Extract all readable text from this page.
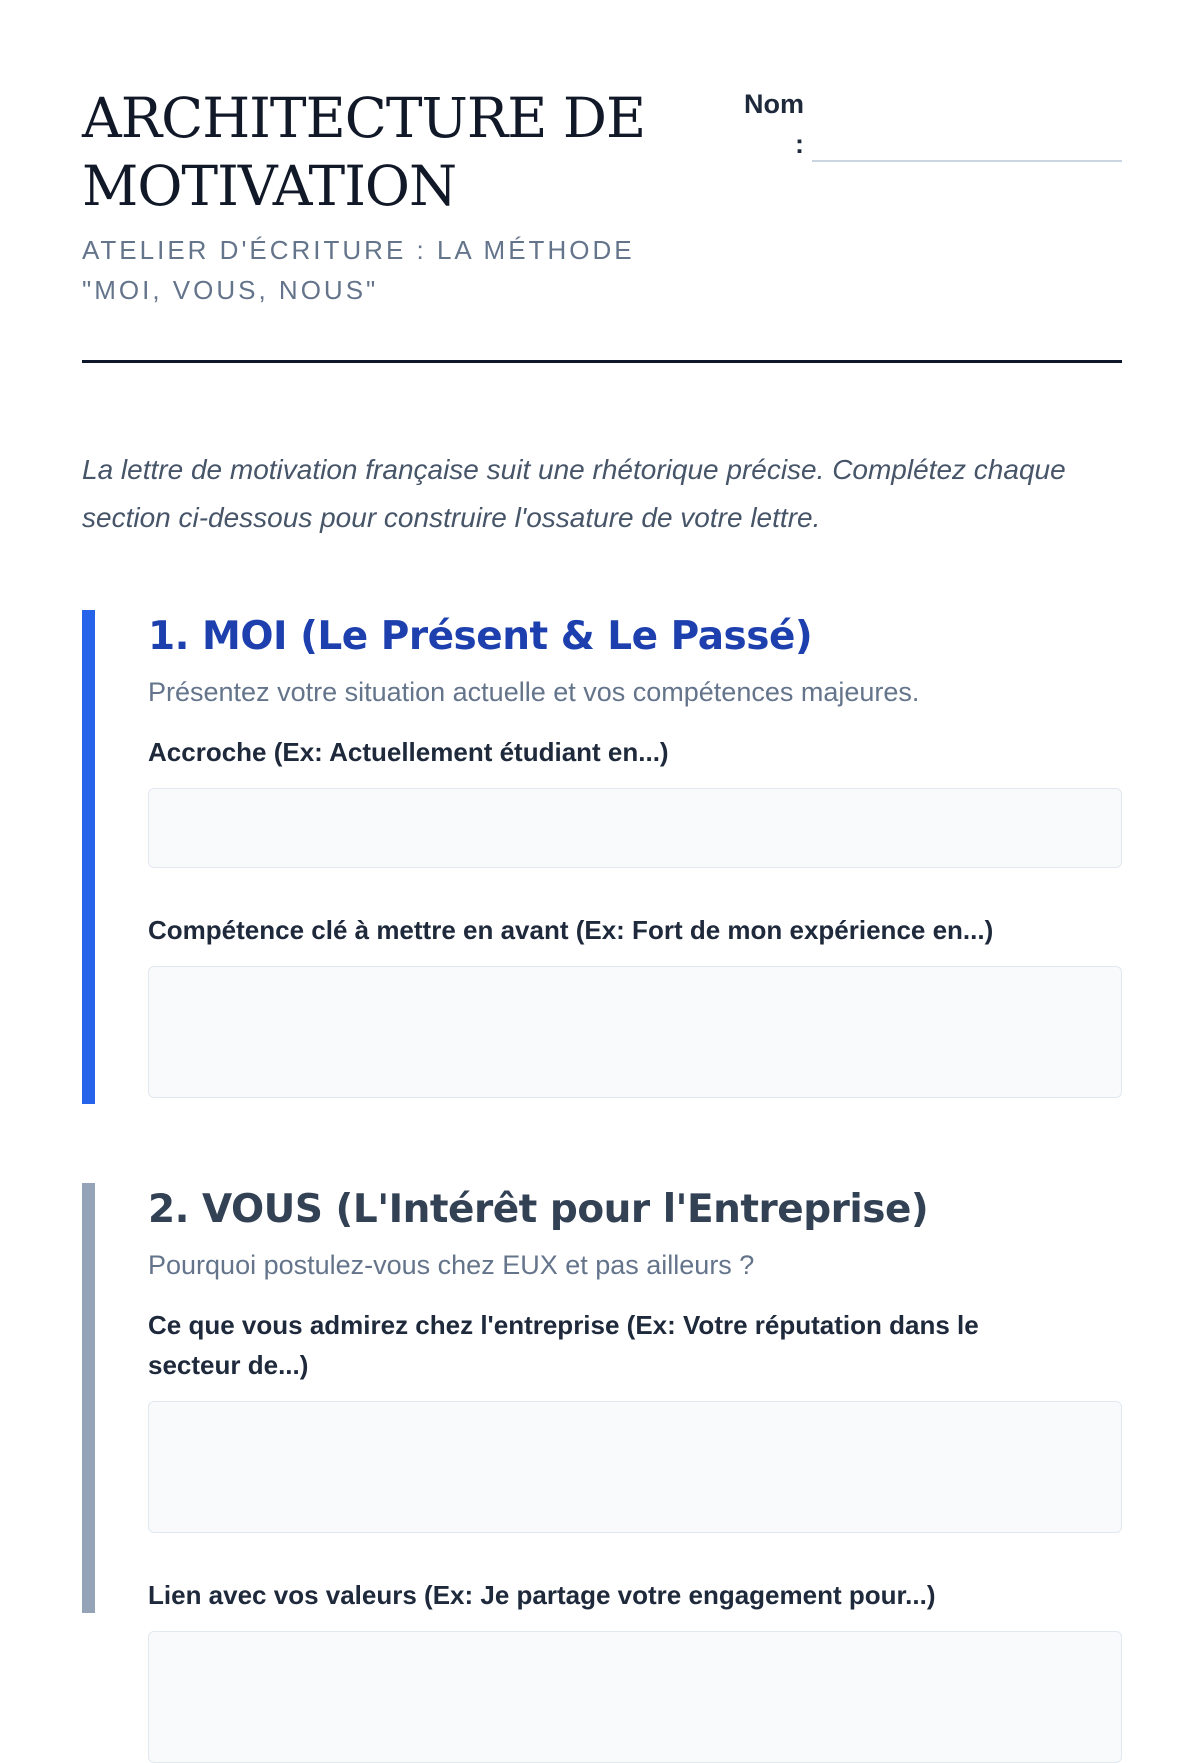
ARCHITECTURE DE MOTIVATION
ATELIER D'ÉCRITURE : LA MÉTHODE "MOI, VOUS, NOUS"
Nom :

La lettre de motivation française suit une rhétorique précise. Complétez chaque section ci-dessous pour construire l'ossature de votre lettre.

1. MOI (Le Présent & Le Passé)

Présentez votre situation actuelle et vos compétences majeures.

Accroche (Ex: Actuellement étudiant en...)
Compétence clé à mettre en avant (Ex: Fort de mon expérience en...)
2. VOUS (L'Intérêt pour l'Entreprise)

Pourquoi postulez-vous chez EUX et pas ailleurs ?

Ce que vous admirez chez l'entreprise (Ex: Votre réputation dans le secteur de...)
Lien avec vos valeurs (Ex: Je partage votre engagement pour...)
